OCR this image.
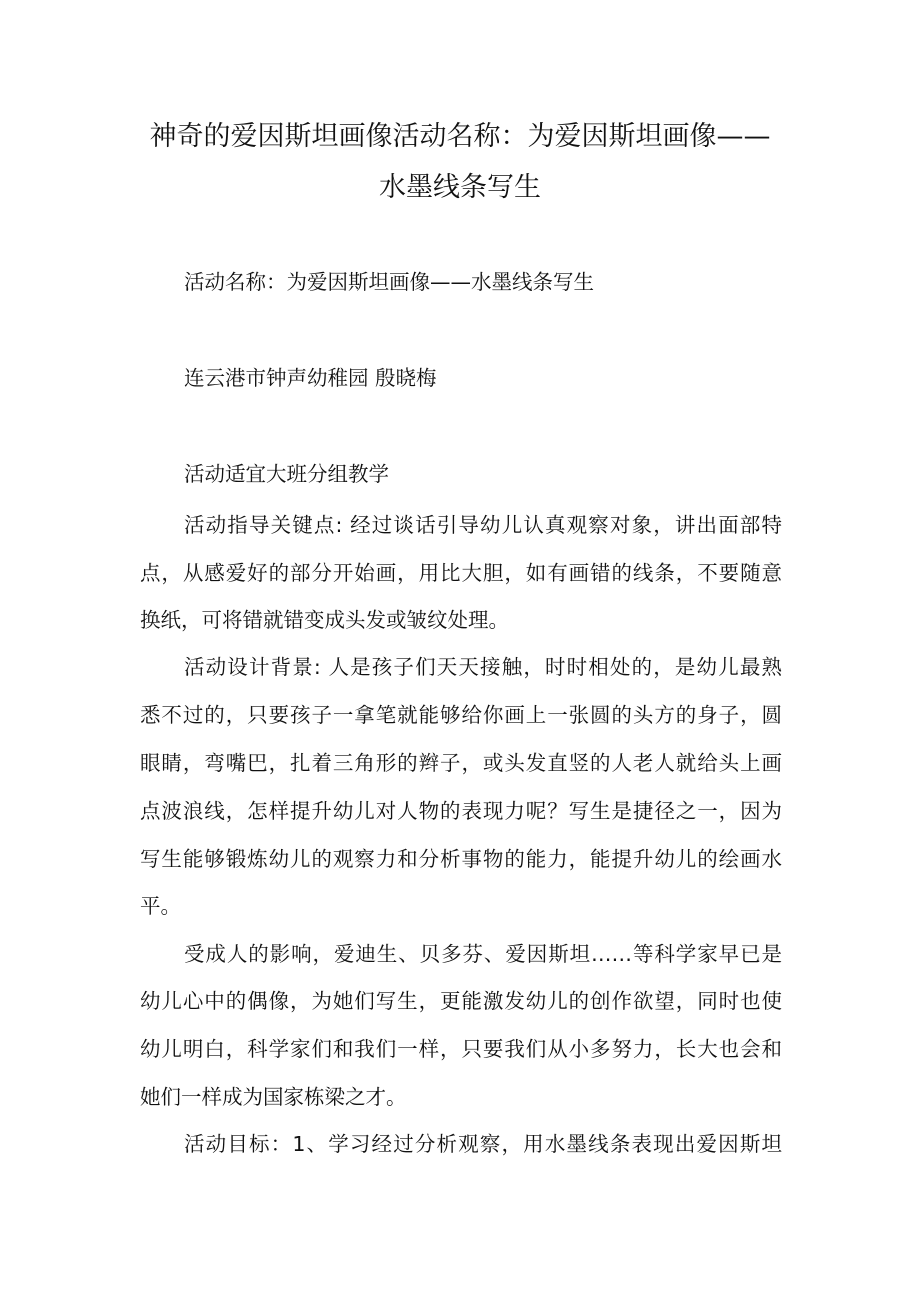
神奇的爱因斯坦画像活动名称：为爱因斯坦画像——
水墨线条写生
活动名称：为爱因斯坦画像——水墨线条写生
连云港市钟声幼稚园 殷晓梅
活动适宜大班分组教学
活动指导关键点: 经过谈话引导幼儿认真观察对象，讲出面部特
点，从感爱好的部分开始画，用比大胆，如有画错的线条，不要随意
换纸，可将错就错变成头发或皱纹处理。
活动设计背景: 人是孩子们天天接触，时时相处的，是幼儿最熟
悉不过的，只要孩子一拿笔就能够给你画上一张圆的头方的身子，圆
眼睛，弯嘴巴，扎着三角形的辫子，或头发直竖的人老人就给头上画
点波浪线，怎样提升幼儿对人物的表现力呢？写生是捷径之一，因为
写生能够锻炼幼儿的观察力和分析事物的能力，能提升幼儿的绘画水
平。
受成人的影响，爱迪生、贝多芬、爱因斯坦……等科学家早已是
幼儿心中的偶像，为她们写生，更能激发幼儿的创作欲望，同时也使
幼儿明白，科学家们和我们一样，只要我们从小多努力，长大也会和
她们一样成为国家栋梁之才。
活动目标：1、学习经过分析观察，用水墨线条表现出爱因斯坦
